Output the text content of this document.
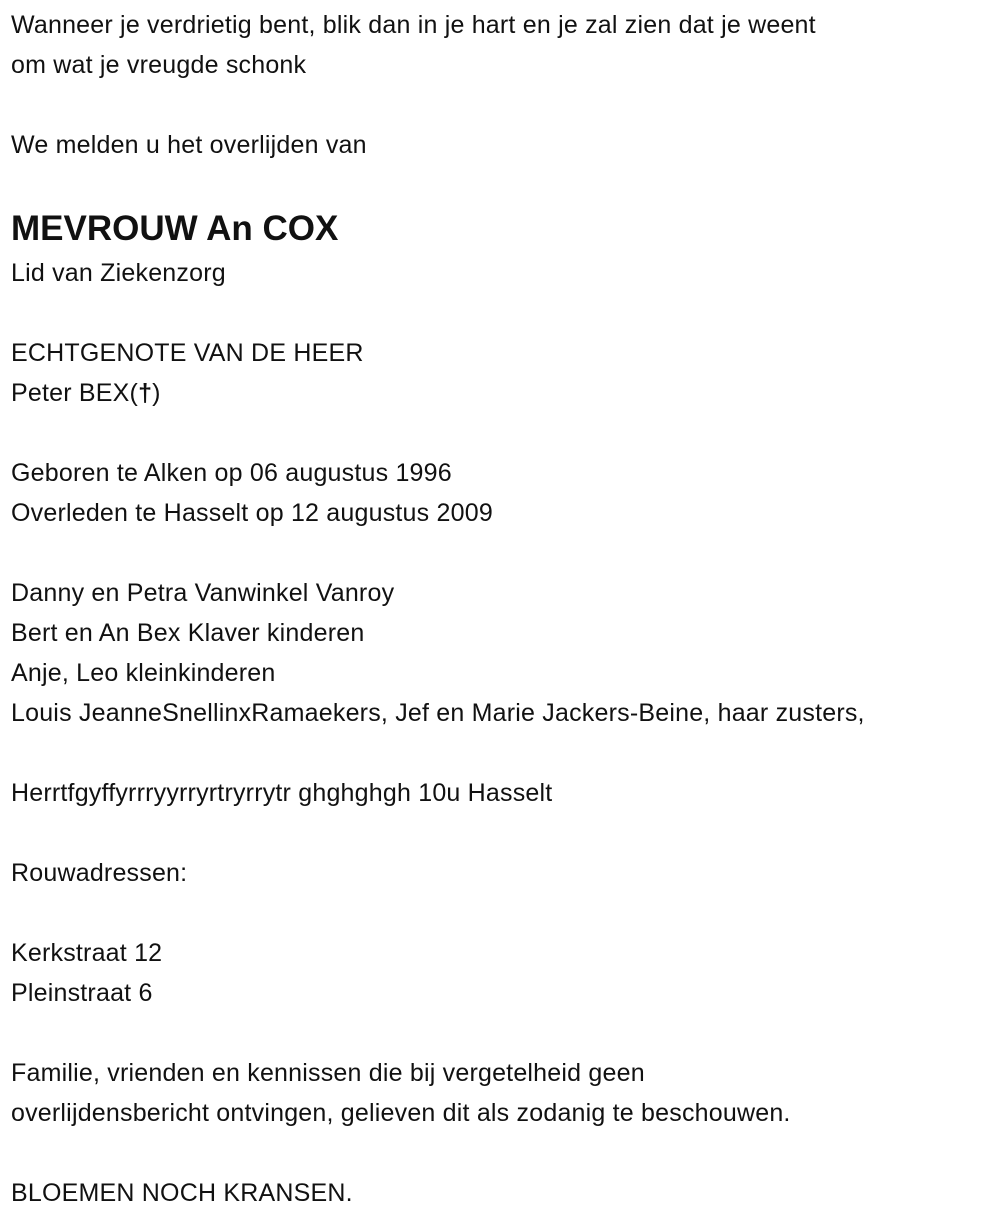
Wanneer je verdrietig bent, blik dan in je hart en je zal zien dat je weent
om wat je vreugde schonk
We melden u het overlijden van
MEVROUW An COX
Lid van Ziekenzorg
ECHTGENOTE VAN DE HEER
Peter BEX(†)
Geboren te Alken op 06 augustus 1996
Overleden te Hasselt op 12 augustus 2009
Danny en Petra Vanwinkel Vanroy
Bert en An Bex Klaver kinderen
Anje, Leo kleinkinderen
Louis JeanneSnellinxRamaekers, Jef en Marie Jackers-Beine, haar zusters,
Herrtfgyffyrrryyrryrtryrrytr ghghghgh 10u Hasselt
Rouwadressen:
Kerkstraat 12
Pleinstraat 6
Familie, vrienden en kennissen die bij vergetelheid geen
overlijdensbericht ontvingen, gelieven dit als zodanig te beschouwen.
BLOEMEN NOCH KRANSEN.
